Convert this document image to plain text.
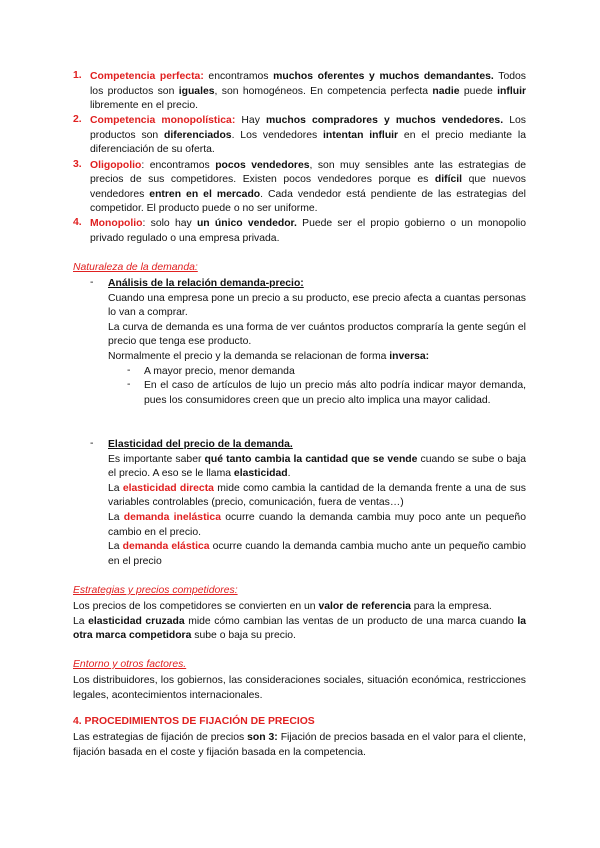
1. Competencia perfecta: encontramos muchos oferentes y muchos demandantes. Todos los productos son iguales, son homogéneos. En competencia perfecta nadie puede influir libremente en el precio.

2. Competencia monopolística: Hay muchos compradores y muchos vendedores. Los productos son diferenciados. Los vendedores intentan influir en el precio mediante la diferenciación de su oferta.

3. Oligopolio: encontramos pocos vendedores, son muy sensibles ante las estrategias de precios de sus competidores. Existen pocos vendedores porque es difícil que nuevos vendedores entren en el mercado. Cada vendedor está pendiente de las estrategias del competidor. El producto puede o no ser uniforme.

4. Monopolio: solo hay un único vendedor. Puede ser el propio gobierno o un monopolio privado regulado o una empresa privada.

Naturaleza de la demanda:
- Análisis de la relación demanda-precio:

Cuando una empresa pone un precio a su producto, ese precio afecta a cuantas personas lo van a comprar.

La curva de demanda es una forma de ver cuántos productos compraría la gente según el precio que tenga ese producto.

Normalmente el precio y la demanda se relacionan de forma inversa:

- A mayor precio, menor demanda

- En el caso de artículos de lujo un precio más alto podría indicar mayor demanda, pues los consumidores creen que un precio alto implica una mayor calidad.

- Elasticidad del precio de la demanda.

Es importante saber qué tanto cambia la cantidad que se vende cuando se sube o baja el precio. A eso se le llama elasticidad.

La elasticidad directa mide como cambia la cantidad de la demanda frente a una de sus variables controlables (precio, comunicación, fuera de ventas…)

La demanda inelástica ocurre cuando la demanda cambia muy poco ante un pequeño cambio en el precio.

La demanda elástica ocurre cuando la demanda cambia mucho ante un pequeño cambio en el precio

Estrategias y precios competidores:

Los precios de los competidores se convierten en un valor de referencia para la empresa.

La elasticidad cruzada mide cómo cambian las ventas de un producto de una marca cuando la otra marca competidora sube o baja su precio.

Entorno y otros factores.

Los distribuidores, los gobiernos, las consideraciones sociales, situación económica, restricciones legales, acontecimientos internacionales.

4. PROCEDIMIENTOS DE FIJACIÓN DE PRECIOS

Las estrategias de fijación de precios son 3: Fijación de precios basada en el valor para el cliente, fijación basada en el coste y fijación basada en la competencia.
